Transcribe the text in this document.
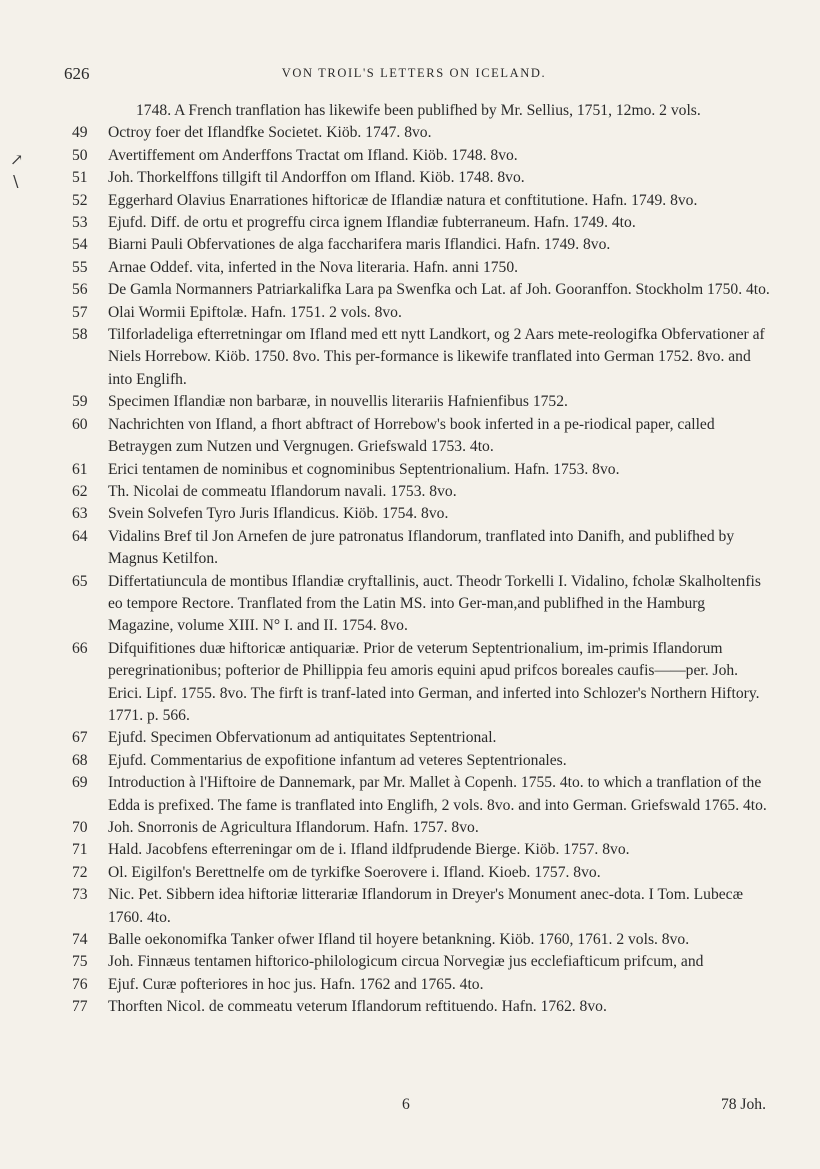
626	VON TROIL'S LETTERS ON ICELAND.
↗
∖
1748. A French tranflation has likewife been publifhed by Mr. Sellius, 1751, 12mo. 2 vols.
49	Octroy foer det Iflandfke Societet. Kiöb. 1747. 8vo.
50	Avertiffement om Anderffons Tractat om Ifland. Kiöb. 1748. 8vo.
51	Joh. Thorkelffons tillgift til Andorffon om Ifland. Kiöb. 1748. 8vo.
52	Eggerhard Olavius Enarrationes hiftoricæ de Iflandiæ natura et conftitutione. Hafn. 1749. 8vo.
53	Ejufd. Diff. de ortu et progreffu circa ignem Iflandiæ fubterraneum. Hafn. 1749. 4to.
54	Biarni Pauli Obfervationes de alga faccharifera maris Iflandici. Hafn. 1749. 8vo.
55	Arnae Oddef. vita, inferted in the Nova literaria. Hafn. anni 1750.
56	De Gamla Normanners Patriarkalifka Lara pa Swenfka och Lat. af Joh. Gooranffon. Stockholm 1750. 4to.
57	Olai Wormii Epiftolæ. Hafn. 1751. 2 vols. 8vo.
58	Tilforladeliga efterretningar om Ifland med ett nytt Landkort, og 2 Aars mete-reologifka Obfervationer af Niels Horrebow. Kiöb. 1750. 8vo. This per-formance is likewife tranflated into German 1752. 8vo. and into Englifh.
59	Specimen Iflandiæ non barbaræ, in nouvellis literariis Hafnienfibus 1752.
60	Nachrichten von Ifland, a fhort abftract of Horrebow's book inferted in a pe-riodical paper, called Betraygen zum Nutzen und Vergnugen. Griefswald 1753. 4to.
61	Erici tentamen de nominibus et cognominibus Septentrionalium. Hafn. 1753. 8vo.
62	Th. Nicolai de commeatu Iflandorum navali. 1753. 8vo.
63	Svein Solvefen Tyro Juris Iflandicus. Kiöb. 1754. 8vo.
64	Vidalins Bref til Jon Arnefen de jure patronatus Iflandorum, tranflated into Danifh, and publifhed by Magnus Ketilfon.
65	Differtatiuncula de montibus Iflandiæ cryftallinis, auct. Theodr Torkelli I. Vidalino, fcholæ Skalholtenfis eo tempore Rectore. Tranflated from the Latin MS. into Ger-man,and publifhed in the Hamburg Magazine, volume XIII. N° I. and II. 1754. 8vo.
66	Difquifitiones duæ hiftoricæ antiquariæ. Prior de veterum Septentrionalium, im-primis Iflandorum peregrinationibus; pofterior de Phillippia feu amoris equini apud prifcos boreales caufis——per. Joh. Erici. Lipf. 1755. 8vo. The firft is tranf-lated into German, and inferted into Schlozer's Northern Hiftory. 1771. p. 566.
67	Ejufd. Specimen Obfervationum ad antiquitates Septentrional.
68	Ejufd. Commentarius de expofitione infantum ad veteres Septentrionales.
69	Introduction à l'Hiftoire de Dannemark, par Mr. Mallet à Copenh. 1755. 4to. to which a tranflation of the Edda is prefixed. The fame is tranflated into Englifh, 2 vols. 8vo. and into German. Griefswald 1765. 4to.
70	Joh. Snorronis de Agricultura Iflandorum. Hafn. 1757. 8vo.
71	Hald. Jacobfens efterreningar om de i. Ifland ildfprudende Bierge. Kiöb. 1757. 8vo.
72	Ol. Eigilfon's Berettnelfe om de tyrkifke Soerovere i. Ifland. Kioeb. 1757. 8vo.
73	Nic. Pet. Sibbern idea hiftoriæ litterariæ Iflandorum in Dreyer's Monument anec-dota. I Tom. Lubecæ 1760. 4to.
74	Balle oekonomifka Tanker ofwer Ifland til hoyere betankning. Kiöb. 1760, 1761. 2 vols. 8vo.
75	Joh. Finnæus tentamen hiftorico-philologicum circua Norvegiæ jus ecclefiafticum prifcum, and
76	Ejuf. Curæ pofteriores in hoc jus. Hafn. 1762 and 1765. 4to.
77	Thorften Nicol. de commeatu veterum Iflandorum reftituendo. Hafn. 1762. 8vo.
6	78 Joh.
